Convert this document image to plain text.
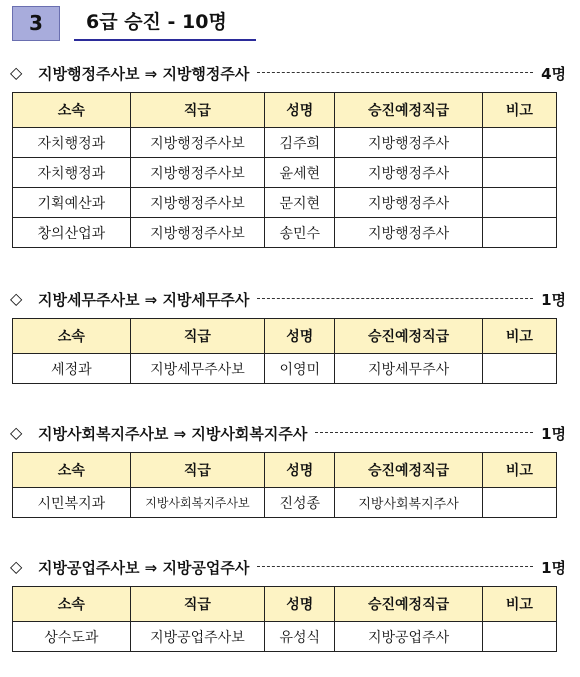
3	6급 승진 - 10명
◇ 지방행정주사보 ⇒ 지방행정주사	4명
소속	직급	성명	승진예정직급	비고
자치행정과	지방행정주사보	김주희	지방행정주사	
자치행정과	지방행정주사보	윤세현	지방행정주사	
기획예산과	지방행정주사보	문지현	지방행정주사	
창의산업과	지방행정주사보	송민수	지방행정주사	
◇ 지방세무주사보 ⇒ 지방세무주사	1명
소속	직급	성명	승진예정직급	비고
세정과	지방세무주사보	이영미	지방세무주사	
◇ 지방사회복지주사보 ⇒ 지방사회복지주사	1명
소속	직급	성명	승진예정직급	비고
시민복지과	지방사회복지주사보	진성종	지방사회복지주사	
◇ 지방공업주사보 ⇒ 지방공업주사	1명
소속	직급	성명	승진예정직급	비고
상수도과	지방공업주사보	유성식	지방공업주사	
